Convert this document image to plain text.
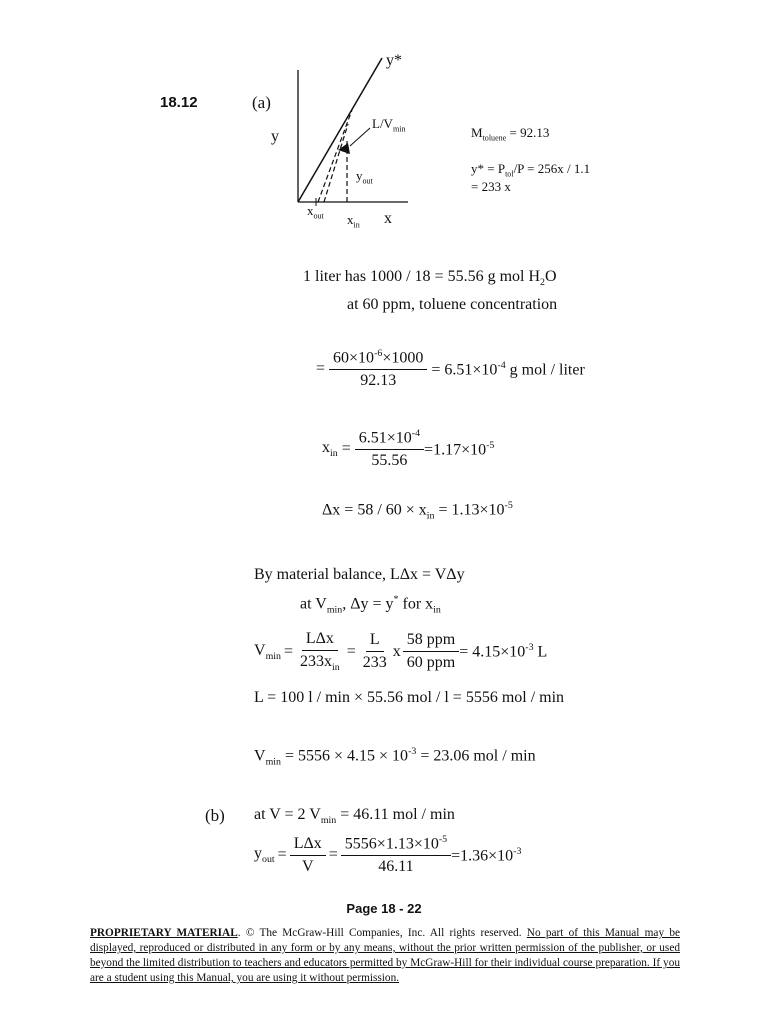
18.12	(a)
y*
y
$L/V_{min}$
$y_{out}$
$x_{out}$ $x_{in}$ x
$M_{toluene} = 92.13$
$y* = P_{tol}/P = 256x / 1.1$
= 233 x
1 liter has 1000 / 18 = 55.56 g mol $H_2O$
at 60 ppm, toluene concentration
= $\frac{60\times 10^{-6}\times 1000}{92.13} = 6.51\times 10^{-4}$ g mol / liter
$x_{in} = \frac{6.51\times 10^{-4}}{55.56} =1.17\times 10^{-5}$
$\Delta x = 58 / 60 \times x_{in} = 1.13\times 10^{-5}$
By material balance, LΔx = VΔy
at $V_{min}$, Δy = y* for $x_{in}$
$V_{min} = \frac{\text{LΔx}}{233x_{in}} = \frac{L}{233}$ x $\frac{\text{58 ppm}}{\text{60 ppm}} = 4.15\times 10^{-3}$ L
L = 100 l / min × 55.56 mol / l = 5556 mol / min
$V_{min} = 5556 \times 4.15 \times 10^{-3} = 23.06$ mol / min
(b) at V = 2 $V_{min} = 46.11$ mol / min
$y_{out} = \frac{\text{LΔx}}{V} = \frac{5556\times 1.13\times 10^{-5}}{46.11} =1.36\times 10^{-3}$
Page 18 - 22
PROPRIETARY MATERIAL. © The McGraw-Hill Companies, Inc. All rights reserved. No part of this Manual may be displayed, reproduced or distributed in any form or by any means, without the prior written permission of the publisher, or used beyond the limited distribution to teachers and educators permitted by McGraw-Hill for their individual course preparation. If you are a student using this Manual, you are using it without permission.
